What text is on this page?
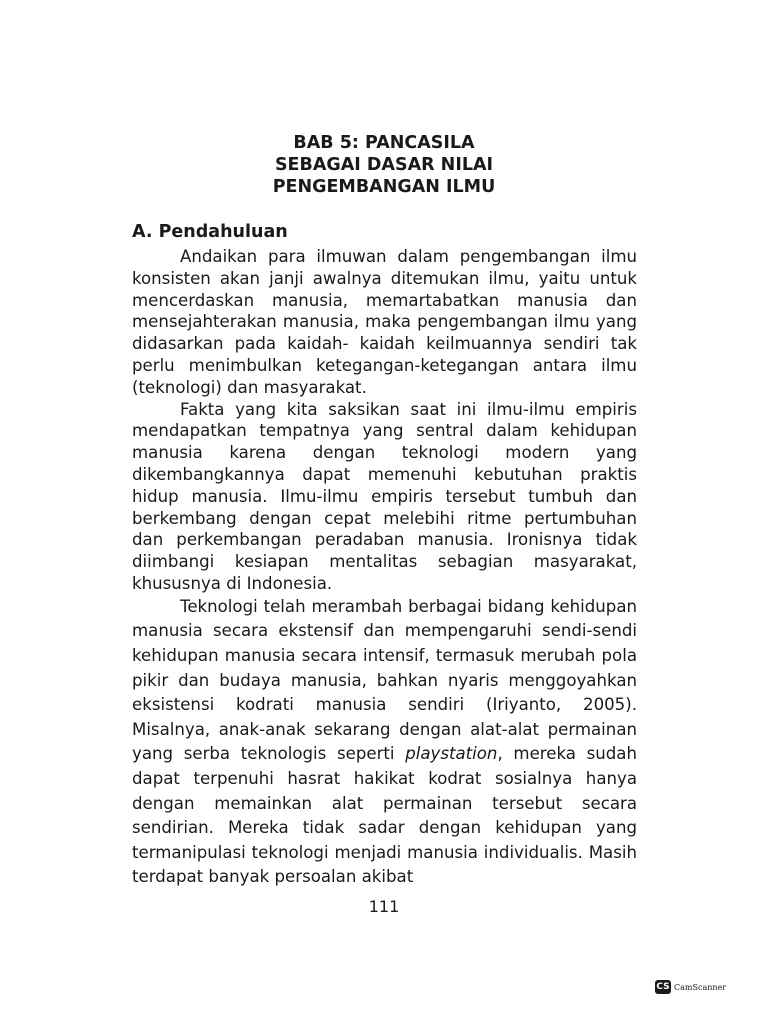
BAB 5: PANCASILA
SEBAGAI DASAR NILAI
PENGEMBANGAN ILMU
A. Pendahuluan

Andaikan para ilmuwan dalam pengembangan ilmu konsisten akan janji awalnya ditemukan ilmu, yaitu untuk mencerdaskan manusia, memartabatkan manusia dan mensejahterakan manusia, maka pengembangan ilmu yang didasarkan pada kaidah- kaidah keilmuannya sendiri tak perlu menimbulkan ketegangan-ketegangan antara ilmu (teknologi) dan masyarakat.

Fakta yang kita saksikan saat ini ilmu-ilmu empiris mendapatkan tempatnya yang sentral dalam kehidupan manusia karena dengan teknologi modern yang dikembangkannya dapat memenuhi kebutuhan praktis hidup manusia. Ilmu-ilmu empiris tersebut tumbuh dan berkembang dengan cepat melebihi ritme pertumbuhan dan perkembangan peradaban manusia. Ironisnya tidak diimbangi kesiapan mentalitas sebagian masyarakat, khususnya di Indonesia.

Teknologi telah merambah berbagai bidang kehidupan manusia secara ekstensif dan mempengaruhi sendi-sendi kehidupan manusia secara intensif, termasuk merubah pola pikir dan budaya manusia, bahkan nyaris menggoyahkan eksistensi kodrati manusia sendiri (Iriyanto, 2005). Misalnya, anak-anak sekarang dengan alat-alat permainan yang serba teknologis seperti playstation, mereka sudah dapat terpenuhi hasrat hakikat kodrat sosialnya hanya dengan memainkan alat permainan tersebut secara sendirian. Mereka tidak sadar dengan kehidupan yang termanipulasi teknologi menjadi manusia individualis. Masih terdapat banyak persoalan akibat

111
CS CamScanner
